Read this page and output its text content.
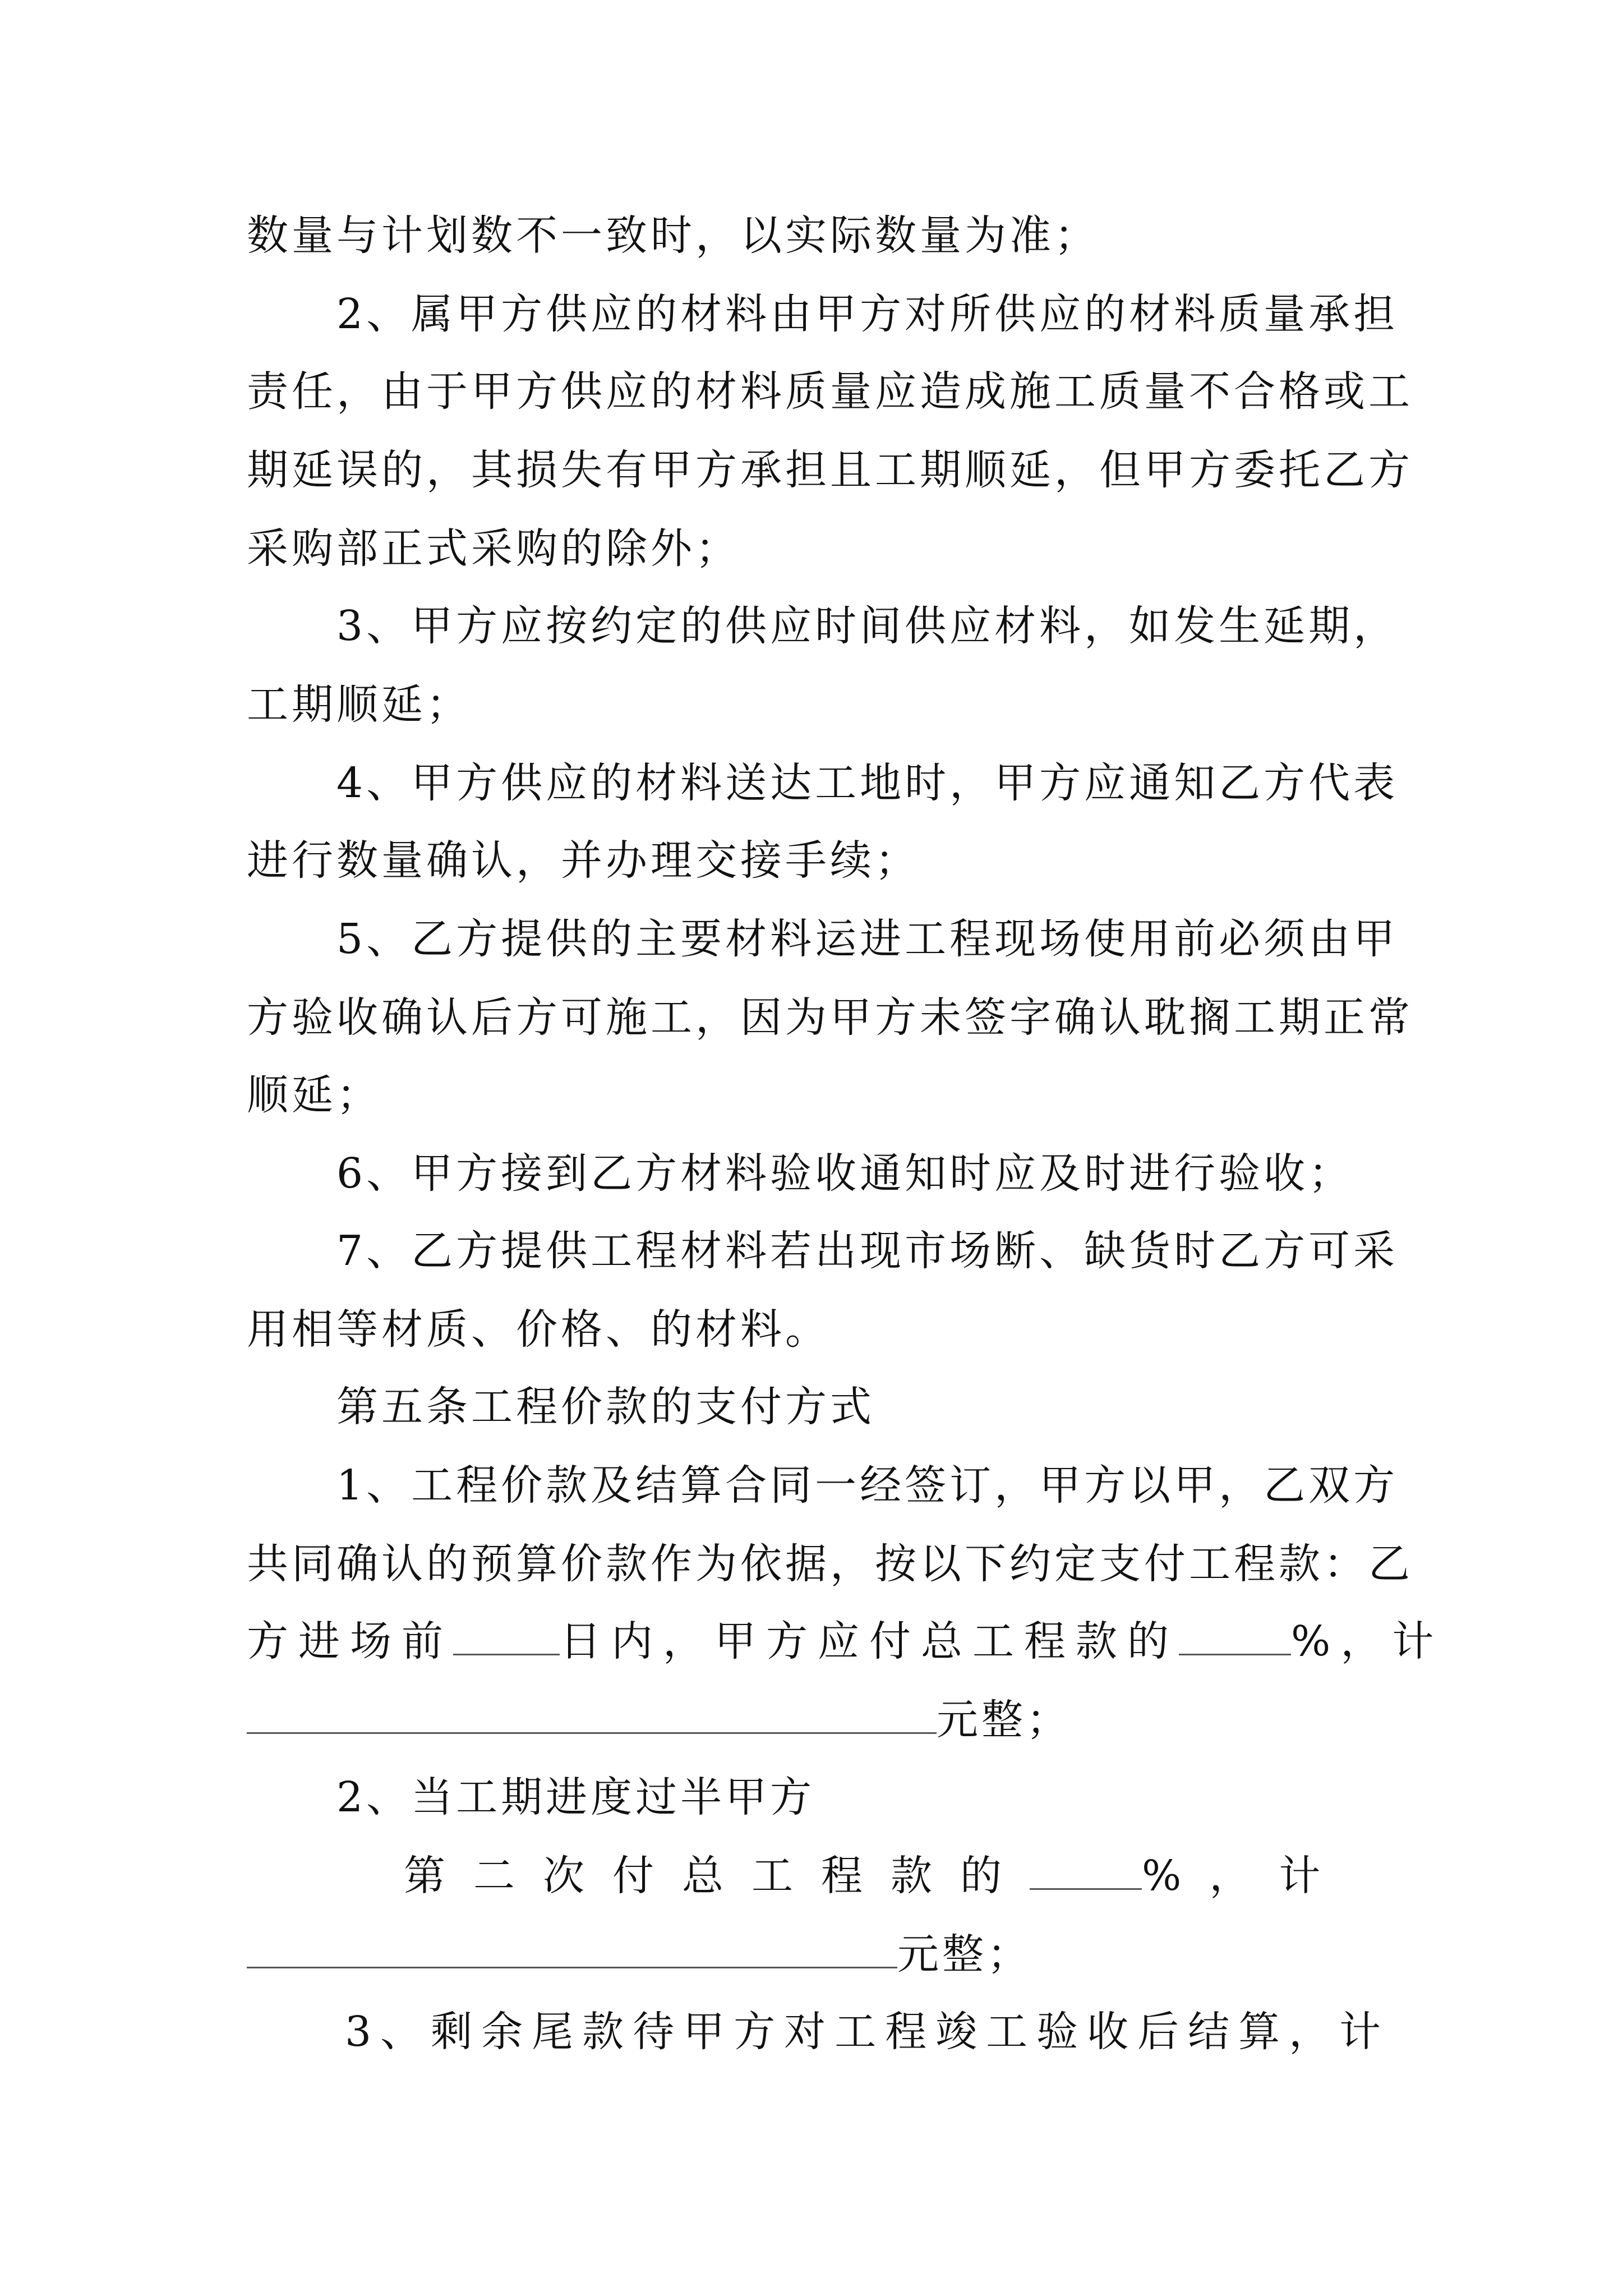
数量与计划数不一致时，以实际数量为准；
2、属甲方供应的材料由甲方对所供应的材料质量承担
责任，由于甲方供应的材料质量应造成施工质量不合格或工
期延误的，其损失有甲方承担且工期顺延，但甲方委托乙方
采购部正式采购的除外；
3、甲方应按约定的供应时间供应材料，如发生延期，
工期顺延；
4、甲方供应的材料送达工地时，甲方应通知乙方代表
进行数量确认，并办理交接手续；
5、乙方提供的主要材料运进工程现场使用前必须由甲
方验收确认后方可施工，因为甲方未签字确认耽搁工期正常
顺延；
6、甲方接到乙方材料验收通知时应及时进行验收；
7、乙方提供工程材料若出现市场断、缺货时乙方可采
用相等材质、价格、的材料。
第五条工程价款的支付方式
1、工程价款及结算合同一经签订，甲方以甲，乙双方
共同确认的预算价款作为依据，按以下约定支付工程款：乙
方进场前	日内，甲方应付总工程款的	%，计
元整；
2、当工期进度过半甲方
第二次付总工程款的	%，计
元整；
3、剩余尾款待甲方对工程竣工验收后结算，计
